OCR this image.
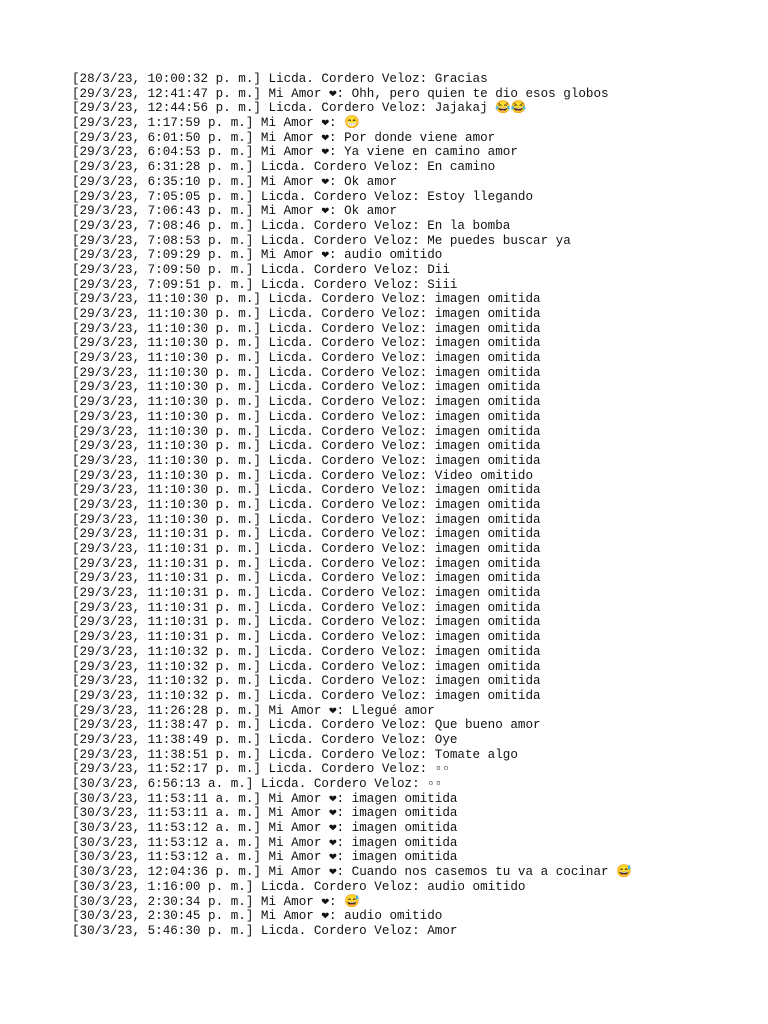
[28/3/23, 10:00:32 p. m.] Licda. Cordero Veloz: Gracias
[29/3/23, 12:41:47 p. m.] Mi Amor ❤: Ohh, pero quien te dio esos globos
[29/3/23, 12:44:56 p. m.] Licda. Cordero Veloz: Jajakaj 😂😂
[29/3/23, 1:17:59 p. m.] Mi Amor ❤: 😁
[29/3/23, 6:01:50 p. m.] Mi Amor ❤: Por donde viene amor
[29/3/23, 6:04:53 p. m.] Mi Amor ❤: Ya viene en camino amor
[29/3/23, 6:31:28 p. m.] Licda. Cordero Veloz: En camino
[29/3/23, 6:35:10 p. m.] Mi Amor ❤: Ok amor
[29/3/23, 7:05:05 p. m.] Licda. Cordero Veloz: Estoy llegando
[29/3/23, 7:06:43 p. m.] Mi Amor ❤: Ok amor
[29/3/23, 7:08:46 p. m.] Licda. Cordero Veloz: En la bomba
[29/3/23, 7:08:53 p. m.] Licda. Cordero Veloz: Me puedes buscar ya
[29/3/23, 7:09:29 p. m.] Mi Amor ❤: audio omitido
[29/3/23, 7:09:50 p. m.] Licda. Cordero Veloz: Dii
[29/3/23, 7:09:51 p. m.] Licda. Cordero Veloz: Siii
[29/3/23, 11:10:30 p. m.] Licda. Cordero Veloz: imagen omitida
[29/3/23, 11:10:30 p. m.] Licda. Cordero Veloz: imagen omitida
[29/3/23, 11:10:30 p. m.] Licda. Cordero Veloz: imagen omitida
[29/3/23, 11:10:30 p. m.] Licda. Cordero Veloz: imagen omitida
[29/3/23, 11:10:30 p. m.] Licda. Cordero Veloz: imagen omitida
[29/3/23, 11:10:30 p. m.] Licda. Cordero Veloz: imagen omitida
[29/3/23, 11:10:30 p. m.] Licda. Cordero Veloz: imagen omitida
[29/3/23, 11:10:30 p. m.] Licda. Cordero Veloz: imagen omitida
[29/3/23, 11:10:30 p. m.] Licda. Cordero Veloz: imagen omitida
[29/3/23, 11:10:30 p. m.] Licda. Cordero Veloz: imagen omitida
[29/3/23, 11:10:30 p. m.] Licda. Cordero Veloz: imagen omitida
[29/3/23, 11:10:30 p. m.] Licda. Cordero Veloz: imagen omitida
[29/3/23, 11:10:30 p. m.] Licda. Cordero Veloz: Video omitido
[29/3/23, 11:10:30 p. m.] Licda. Cordero Veloz: imagen omitida
[29/3/23, 11:10:30 p. m.] Licda. Cordero Veloz: imagen omitida
[29/3/23, 11:10:30 p. m.] Licda. Cordero Veloz: imagen omitida
[29/3/23, 11:10:31 p. m.] Licda. Cordero Veloz: imagen omitida
[29/3/23, 11:10:31 p. m.] Licda. Cordero Veloz: imagen omitida
[29/3/23, 11:10:31 p. m.] Licda. Cordero Veloz: imagen omitida
[29/3/23, 11:10:31 p. m.] Licda. Cordero Veloz: imagen omitida
[29/3/23, 11:10:31 p. m.] Licda. Cordero Veloz: imagen omitida
[29/3/23, 11:10:31 p. m.] Licda. Cordero Veloz: imagen omitida
[29/3/23, 11:10:31 p. m.] Licda. Cordero Veloz: imagen omitida
[29/3/23, 11:10:31 p. m.] Licda. Cordero Veloz: imagen omitida
[29/3/23, 11:10:32 p. m.] Licda. Cordero Veloz: imagen omitida
[29/3/23, 11:10:32 p. m.] Licda. Cordero Veloz: imagen omitida
[29/3/23, 11:10:32 p. m.] Licda. Cordero Veloz: imagen omitida
[29/3/23, 11:10:32 p. m.] Licda. Cordero Veloz: imagen omitida
[29/3/23, 11:26:28 p. m.] Mi Amor ❤: Llegué amor
[29/3/23, 11:38:47 p. m.] Licda. Cordero Veloz: Que bueno amor
[29/3/23, 11:38:49 p. m.] Licda. Cordero Veloz: Oye
[29/3/23, 11:38:51 p. m.] Licda. Cordero Veloz: Tomate algo
[29/3/23, 11:52:17 p. m.] Licda. Cordero Veloz: ▫▫
[30/3/23, 6:56:13 a. m.] Licda. Cordero Veloz: ▫▫
[30/3/23, 11:53:11 a. m.] Mi Amor ❤: imagen omitida
[30/3/23, 11:53:11 a. m.] Mi Amor ❤: imagen omitida
[30/3/23, 11:53:12 a. m.] Mi Amor ❤: imagen omitida
[30/3/23, 11:53:12 a. m.] Mi Amor ❤: imagen omitida
[30/3/23, 11:53:12 a. m.] Mi Amor ❤: imagen omitida
[30/3/23, 12:04:36 p. m.] Mi Amor ❤: Cuando nos casemos tu va a cocinar 😅
[30/3/23, 1:16:00 p. m.] Licda. Cordero Veloz: audio omitido
[30/3/23, 2:30:34 p. m.] Mi Amor ❤: 😅
[30/3/23, 2:30:45 p. m.] Mi Amor ❤: audio omitido
[30/3/23, 5:46:30 p. m.] Licda. Cordero Veloz: Amor
